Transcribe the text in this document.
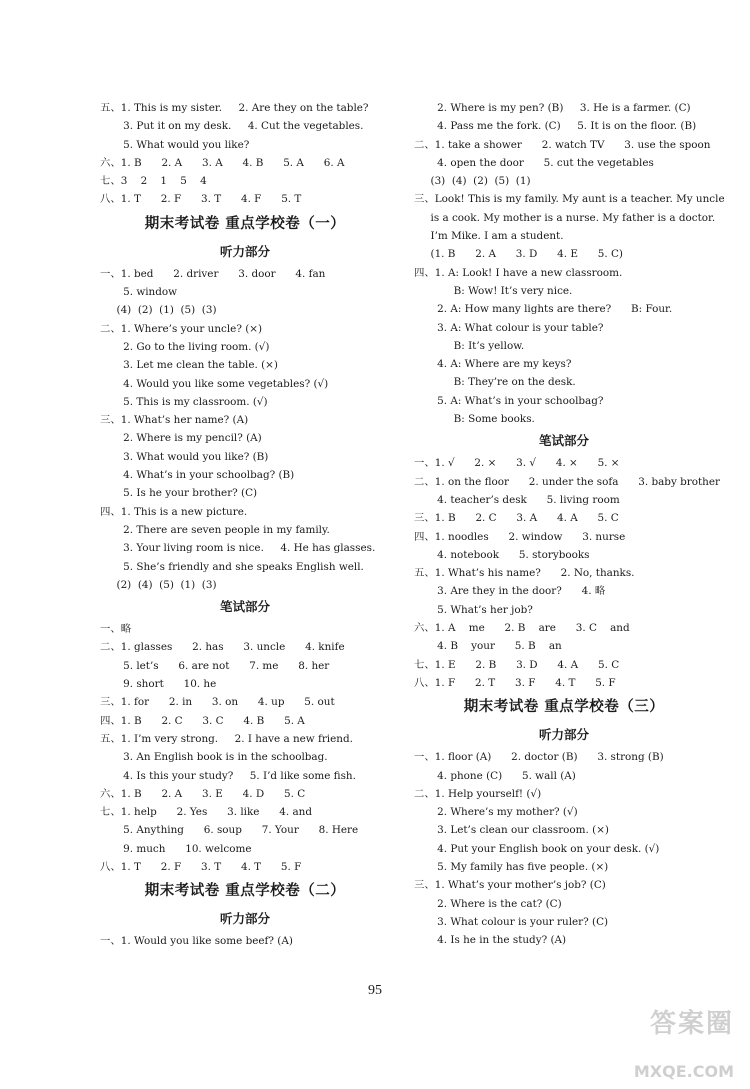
五、1. This is my sister.     2. Are they on the table?
3. Put it on my desk.     4. Cut the vegetables.
5. What would you like?
六、1. B      2. A      3. A      4. B      5. A      6. A
七、3    2    1    5    4
八、1. T      2. F      3. T      4. F      5. T
期末考试卷 重点学校卷（一）
听力部分
一、1. bed      2. driver      3. door      4. fan
5. window
(4)  (2)  (1)  (5)  (3)
二、1. Where’s your uncle? (×)
2. Go to the living room. (√)
3. Let me clean the table. (×)
4. Would you like some vegetables? (√)
5. This is my classroom. (√)
三、1. What’s her name? (A)
2. Where is my pencil? (A)
3. What would you like? (B)
4. What’s in your schoolbag? (B)
5. Is he your brother? (C)
四、1. This is a new picture.
2. There are seven people in my family.
3. Your living room is nice.     4. He has glasses.
5. She’s friendly and she speaks English well.
(2)  (4)  (5)  (1)  (3)
笔试部分
一、略
二、1. glasses      2. has      3. uncle      4. knife
5. let’s      6. are not      7. me      8. her
9. short      10. he
三、1. for      2. in      3. on      4. up      5. out
四、1. B      2. C      3. C      4. B      5. A
五、1. I’m very strong.     2. I have a new friend.
3. An English book is in the schoolbag.
4. Is this your study?     5. I’d like some fish.
六、1. B      2. A      3. E      4. D      5. C
七、1. help      2. Yes      3. like      4. and
5. Anything      6. soup      7. Your      8. Here
9. much      10. welcome
八、1. T      2. F      3. T      4. T      5. F
期末考试卷 重点学校卷（二）
听力部分
一、1. Would you like some beef? (A)
2. Where is my pen? (B)     3. He is a farmer. (C)
4. Pass me the fork. (C)     5. It is on the floor. (B)
二、1. take a shower      2. watch TV      3. use the spoon
4. open the door      5. cut the vegetables
(3)  (4)  (2)  (5)  (1)
三、Look! This is my family. My aunt is a teacher. My uncle
is a cook. My mother is a nurse. My father is a doctor.
I’m Mike. I am a student.
(1. B      2. A      3. D      4. E      5. C)
四、1. A: Look! I have a new classroom.
B: Wow! It’s very nice.
2. A: How many lights are there?      B: Four.
3. A: What colour is your table?
B: It’s yellow.
4. A: Where are my keys?
B: They’re on the desk.
5. A: What’s in your schoolbag?
B: Some books.
笔试部分
一、1. √      2. ×      3. √      4. ×      5. ×
二、1. on the floor      2. under the sofa      3. baby brother
4. teacher’s desk      5. living room
三、1. B      2. C      3. A      4. A      5. C
四、1. noodles      2. window      3. nurse
4. notebook      5. storybooks
五、1. What’s his name?      2. No, thanks.
3. Are they in the door?      4. 略
5. What’s her job?
六、1. A    me      2. B    are      3. C    and
4. B    your      5. B    an
七、1. E      2. B      3. D      4. A      5. C
八、1. F      2. T      3. F      4. T      5. F
期末考试卷 重点学校卷（三）
听力部分
一、1. floor (A)      2. doctor (B)      3. strong (B)
4. phone (C)      5. wall (A)
二、1. Help yourself! (√)
2. Where’s my mother? (√)
3. Let’s clean our classroom. (×)
4. Put your English book on your desk. (√)
5. My family has five people. (×)
三、1. What’s your mother’s job? (C)
2. Where is the cat? (C)
3. What colour is your ruler? (C)
4. Is he in the study? (A)
95
答案圈
MXQE.COM
